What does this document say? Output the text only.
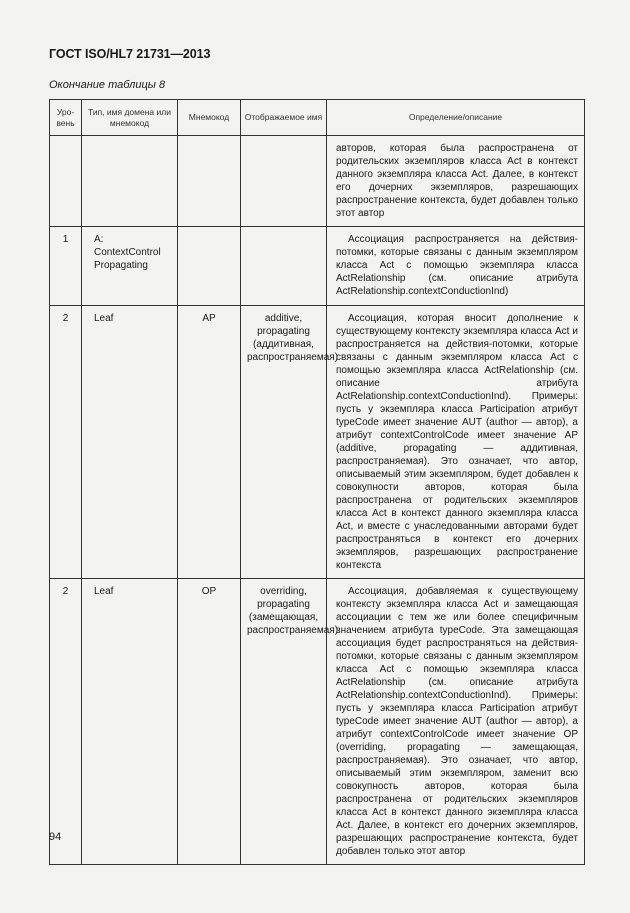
ГОСТ ISO/HL7 21731—2013
Окончание таблицы 8
Уро-вень	Тип, имя домена или мнемокод	Мнемокод	Отображаемое имя	Определение/описание
				авторов, которая была распространена от родительских экземпляров класса Act в контекст данного экземпляра класса Act. Далее, в контекст его дочерних экземпляров, разрешающих распространение контекста, будет добавлен только этот автор
1	A: ContextControl Propagating			Ассоциация распространяется на действия-потомки, которые связаны с данным экземпляром класса Act с помощью экземпляра класса ActRelationship (см. описание атрибута ActRelationship.contextConductionInd)
2	Leaf	AP	additive, propagating (аддитивная, распространяемая)	Ассоциация, которая вносит дополнение к существующему контексту экземпляра класса Act и распространяется на действия-потомки, которые связаны с данным экземпляром класса Act с помощью экземпляра класса ActRelationship (см. описание атрибута ActRelationship.contextConductionInd). Примеры: пусть у экземпляра класса Participation атрибут typeCode имеет значение AUT (author — автор), а атрибут contextControlCode имеет значение AP (additive, propagating — аддитивная, распространяемая). Это означает, что автор, описываемый этим экземпляром, будет добавлен к совокупности авторов, которая была распространена от родительских экземпляров класса Act в контекст данного экземпляра класса Act, и вместе с унаследованными авторами будет распространяться в контекст его дочерних экземпляров, разрешающих распространение контекста
2	Leaf	OP	overriding, propagating (замещающая, распространяемая)	Ассоциация, добавляемая к существующему контексту экземпляра класса Act и замещающая ассоциации с тем же или более специфичным значением атрибута typeCode. Эта замещающая ассоциация будет распространяться на действия-потомки, которые связаны с данным экземпляром класса Act с помощью экземпляра класса ActRelationship (см. описание атрибута ActRelationship.contextConductionInd). Примеры: пусть у экземпляра класса Participation атрибут typeCode имеет значение AUT (author — автор), а атрибут contextControlCode имеет значение OP (overriding, propagating — замещающая, распространяемая). Это означает, что автор, описываемый этим экземпляром, заменит всю совокупность авторов, которая была распространена от родительских экземпляров класса Act в контекст данного экземпляра класса Act. Далее, в контекст его дочерних экземпляров, разрешающих распространение контекста, будет добавлен только этот автор
94
